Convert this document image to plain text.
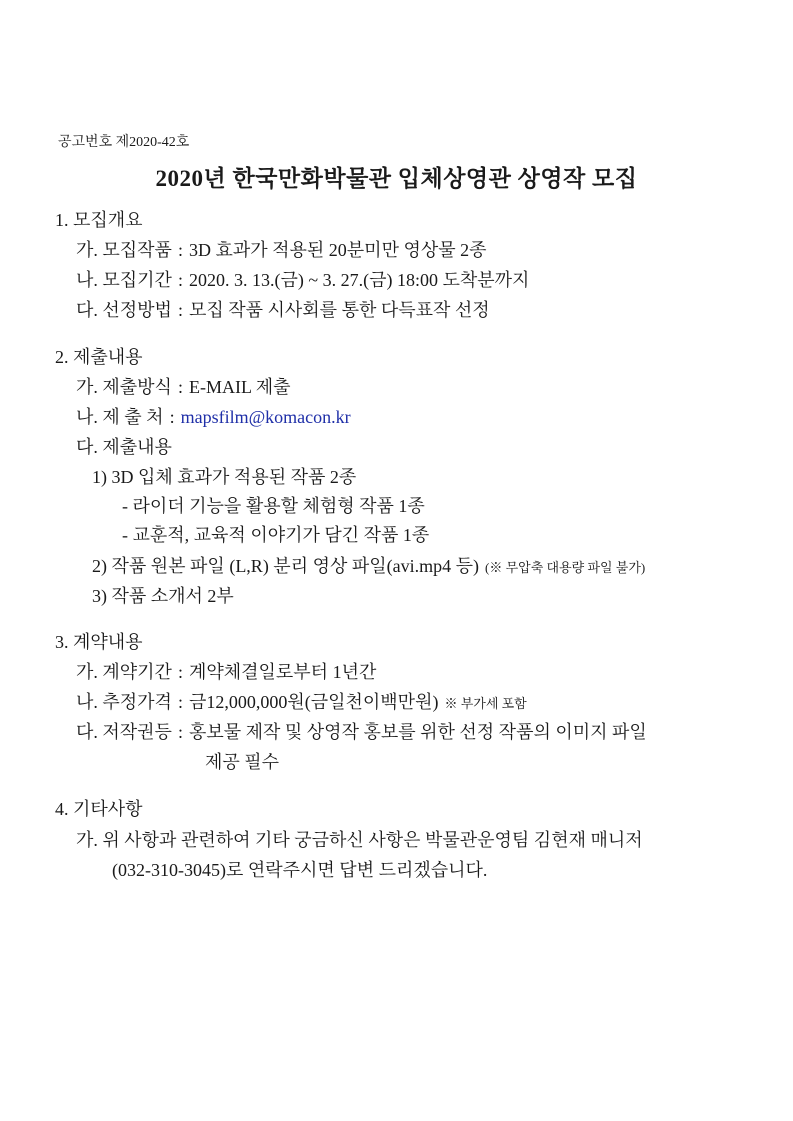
공고번호 제2020-42호
2020년 한국만화박물관 입체상영관 상영작 모집
1. 모집개요
가. 모집작품 : 3D 효과가 적용된 20분미만 영상물 2종
나. 모집기간 : 2020. 3. 13.(금) ~ 3. 27.(금) 18:00 도착분까지
다. 선정방법 : 모집 작품 시사회를 통한 다득표작 선정
2. 제출내용
가. 제출방식 : E-MAIL 제출
나. 제 출 처 : mapsfilm@komacon.kr
다. 제출내용
1) 3D 입체 효과가 적용된 작품 2종
- 라이더 기능을 활용할 체험형 작품 1종
- 교훈적, 교육적 이야기가 담긴 작품 1종
2) 작품 원본 파일 (L,R) 분리 영상 파일(avi.mp4 등) (※ 무압축 대용량 파일 불가)
3) 작품 소개서 2부
3. 계약내용
가. 계약기간 : 계약체결일로부터 1년간
나. 추정가격 : 금12,000,000원(금일천이백만원) ※ 부가세 포함
다. 저작권등 : 홍보물 제작 및 상영작 홍보를 위한 선정 작품의 이미지 파일
제공 필수
4. 기타사항
가. 위 사항과 관련하여 기타 궁금하신 사항은 박물관운영팀 김현재 매니저
(032-310-3045)로 연락주시면 답변 드리겠습니다.
